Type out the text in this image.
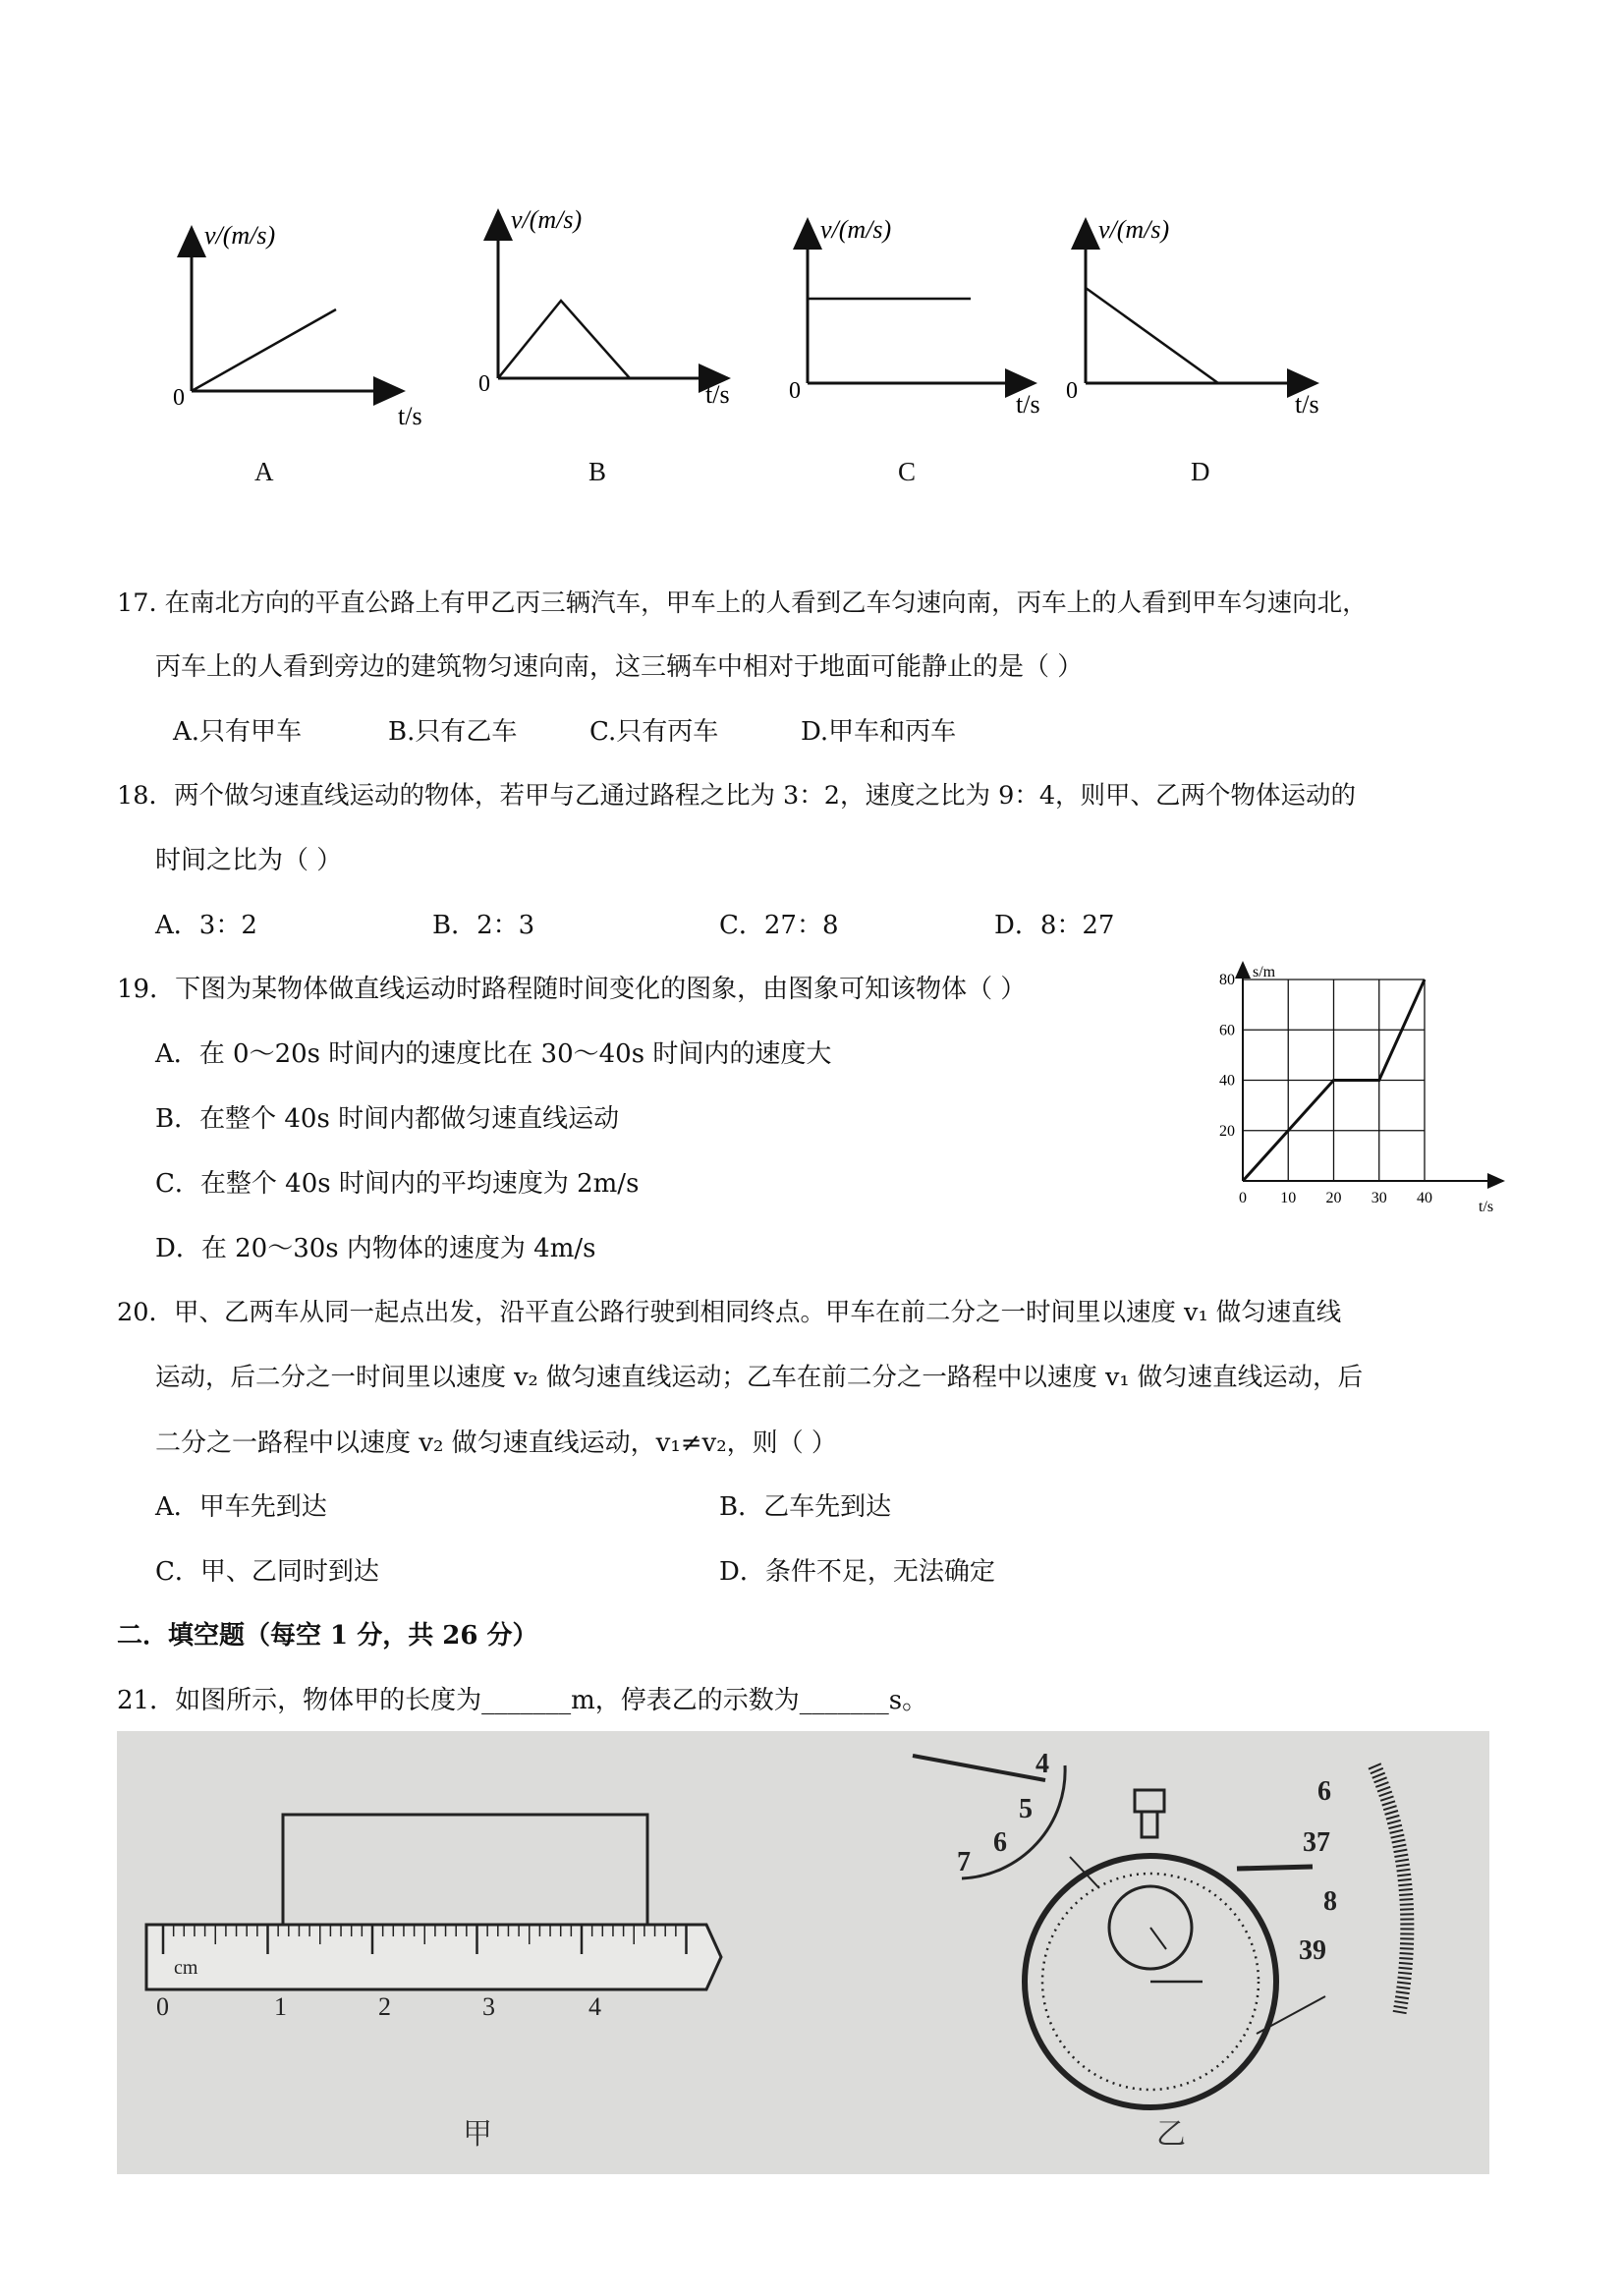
v/(m/s)
0
t/s
v/(m/s)
0	t/s
v/(m/s)
0	t/s
v/(m/s)
0	t/s
A	B	C	D
17. 在南北方向的平直公路上有甲乙丙三辆汽车，甲车上的人看到乙车匀速向南，丙车上的人看到甲车匀速向北，
丙车上的人看到旁边的建筑物匀速向南，这三辆车中相对于地面可能静止的是（ ）
A.只有甲车	B.只有乙车	C.只有丙车	D.甲车和丙车
18．两个做匀速直线运动的物体，若甲与乙通过路程之比为 3：2，速度之比为 9：4，则甲、乙两个物体运动的
时间之比为（ ）
A．3：2	B．2：3	C．27：8	D．8：27
19．下图为某物体做直线运动时路程随时间变化的图象，由图象可知该物体（ ）
A．在 0～20s 时间内的速度比在 30～40s 时间内的速度大
B．在整个 40s 时间内都做匀速直线运动
C．在整个 40s 时间内的平均速度为 2m/s
D．在 20～30s 内物体的速度为 4m/s
s/m
t/s
0 10 20 30 40
20
40
60
80
20．甲、乙两车从同一起点出发，沿平直公路行驶到相同终点。甲车在前二分之一时间里以速度 v₁ 做匀速直线
运动，后二分之一时间里以速度 v₂ 做匀速直线运动；乙车在前二分之一路程中以速度 v₁ 做匀速直线运动，后
二分之一路程中以速度 v₂ 做匀速直线运动，v₁≠v₂，则（ ）
A．甲车先到达	B．乙车先到达
C．甲、乙同时到达	D．条件不足，无法确定
二．填空题（每空 1 分，共 26 分）
21．如图所示，物体甲的长度为_______m，停表乙的示数为_______s。
cm
0	1	2	3	4
甲
4
5
6
7
6
37
8
39
乙
